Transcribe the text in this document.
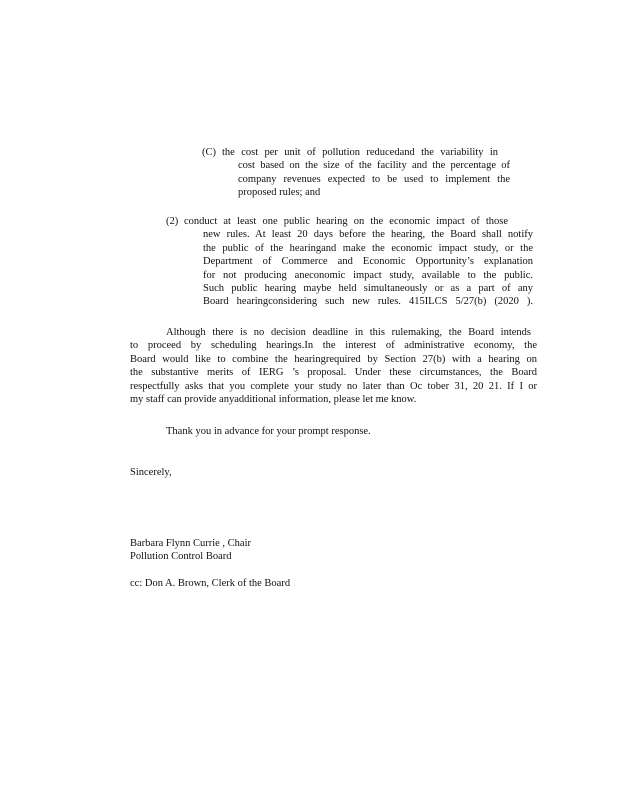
(C) the cost per unit of pollution reducedand the variability in
cost based on the size of the facility and the percentage of
company revenues expected to be used to implement the
proposed rules; and
(2) conduct at least one public hearing on the economic impact of those
new rules. At least 20 days before the hearing, the Board shall notify
the public of the hearingand make the economic impact study, or the
Department of Commerce and Economic Opportunity’s explanation
for not producing aneconomic impact study, available to the public.
Such public hearing maybe held simultaneously or as a part of any
Board hearingconsidering such new rules. 415ILCS 5/27(b) (2020 ).
Although there is no decision deadline in this rulemaking, the Board intends
to proceed by scheduling hearings.In the interest of administrative economy, the
Board would like to combine the hearingrequired by Section 27(b) with a hearing on
the substantive merits of IERG ’s proposal. Under these circumstances, the Board
respectfully asks that you complete your study no later than Oc tober 31, 20 21. If I or
my staff can provide anyadditional information, please let me know.
Thank you in advance for your prompt response.
Sincerely,
Barbara Flynn Currie , Chair
Pollution Control Board
cc: Don A. Brown, Clerk of the Board
